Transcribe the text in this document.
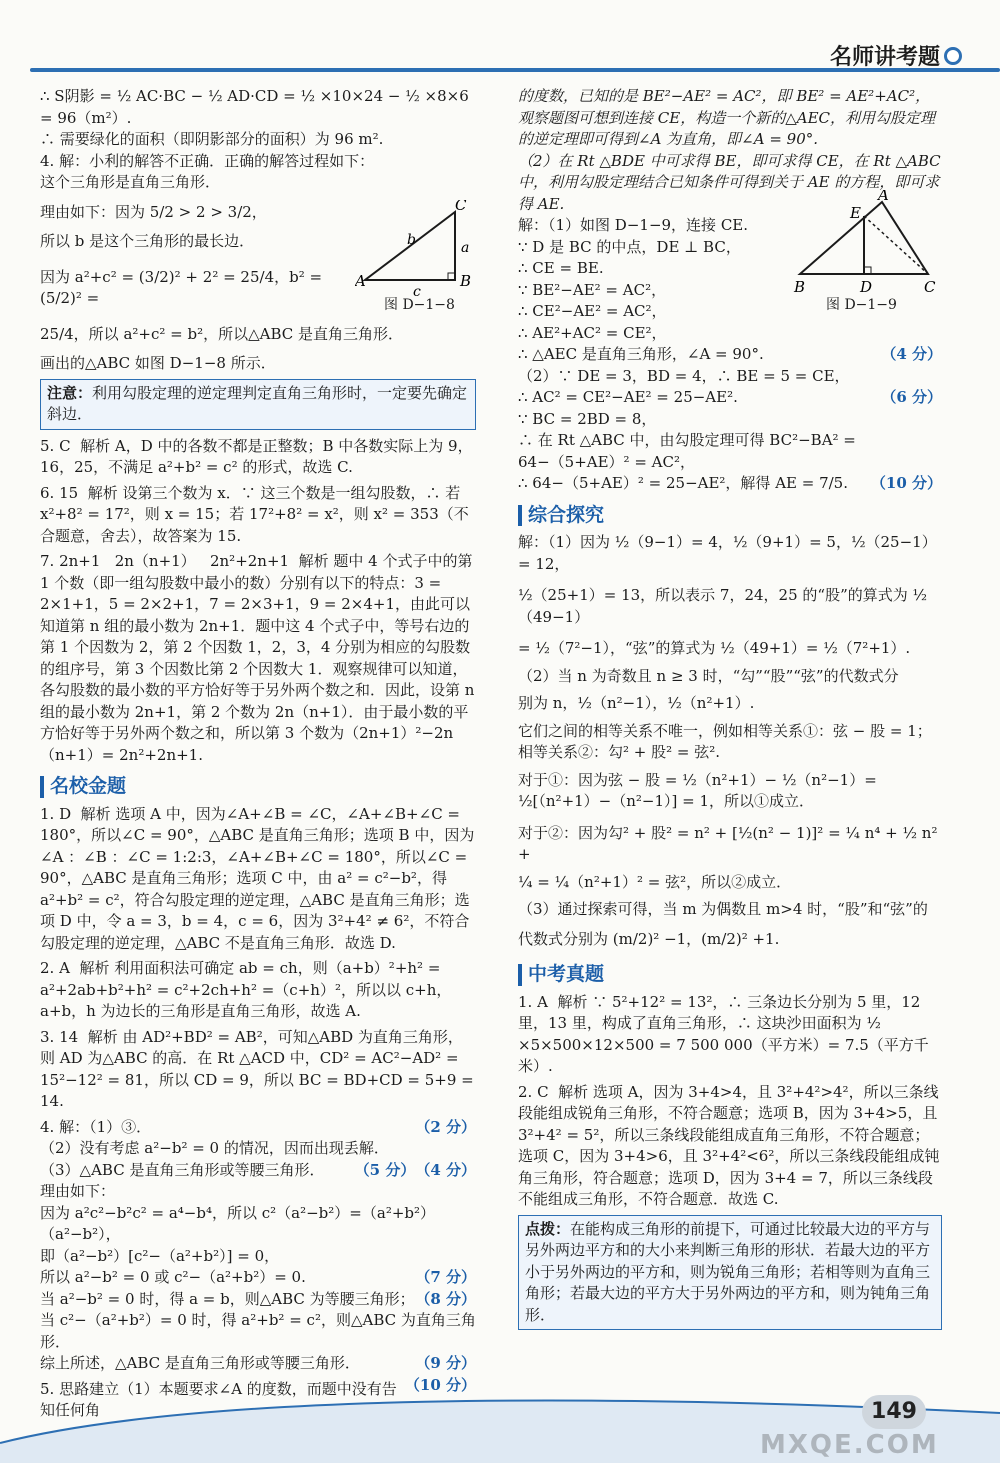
名师讲考题

∴ S阴影 = ½ AC·BC − ½ AD·CD = ½ ×10×24 − ½ ×8×6

= 96（m²）.

∴ 需要绿化的面积（即阴影部分的面积）为 96 m².

4. 解：小利的解答不正确．正确的解答过程如下：

这个三角形是直角三角形．

理由如下：因为 5/2 > 2 > 3/2，

所以 b 是这个三角形的最长边．

因为 a²+c² = (3/2)² + 2² = 25/4，b² = (5/2)² =

25/4，所以 a²+c² = b²，所以△ABC 是直角三角形．

画出的△ABC 如图 D−1−8 所示．

注意：利用勾股定理的逆定理判定直角三角形时，一定要先确定斜边．

5. C  解析 A，D 中的各数不都是正整数；B 中各数实际上为 9，16，25，不满足 a²+b² = c² 的形式，故选 C.

6. 15  解析 设第三个数为 x．∵ 这三个数是一组勾股数，∴ 若 x²+8² = 17²，则 x = 15；若 17²+8² = x²，则 x² = 353（不合题意，舍去），故答案为 15.

7. 2n+1   2n（n+1）   2n²+2n+1  解析 题中 4 个式子中的第 1 个数（即一组勾股数中最小的数）分别有以下的特点：3 = 2×1+1，5 = 2×2+1，7 = 2×3+1，9 = 2×4+1，由此可以知道第 n 组的最小数为 2n+1．题中这 4 个式子中，等号右边的第 1 个因数为 2，第 2 个因数 1，2，3，4 分别为相应的勾股数的组序号，第 3 个因数比第 2 个因数大 1．观察规律可以知道，各勾股数的最小数的平方恰好等于另外两个数之和．因此，设第 n 组的最小数为 2n+1，第 2 个数为 2n（n+1）．由于最小数的平方恰好等于另外两个数之和，所以第 3 个数为（2n+1）²−2n（n+1）= 2n²+2n+1.

名校金题

1. D  解析 选项 A 中，因为∠A+∠B = ∠C，∠A+∠B+∠C = 180°，所以∠C = 90°，△ABC 是直角三角形；选项 B 中，因为∠A ：∠B ：∠C = 1:2:3，∠A+∠B+∠C = 180°，所以∠C = 90°，△ABC 是直角三角形；选项 C 中，由 a² = c²−b²，得 a²+b² = c²，符合勾股定理的逆定理，△ABC 是直角三角形；选项 D 中，令 a = 3，b = 4，c = 6，因为 3²+4² ≠ 6²，不符合勾股定理的逆定理，△ABC 不是直角三角形．故选 D.

2. A  解析 利用面积法可确定 ab = ch，则（a+b）²+h² = a²+2ab+b²+h² = c²+2ch+h² =（c+h）²，所以以 c+h，a+b，h 为边长的三角形是直角三角形，故选 A.

3. 14  解析 由 AD²+BD² = AB²，可知△ABD 为直角三角形，则 AD 为△ABC 的高．在 Rt △ACD 中，CD² = AC²−AD² = 15²−12² = 81，所以 CD = 9，所以 BC = BD+CD = 5+9 = 14.

4. 解：（1）③．	（2 分）

（2）没有考虑 a²−b² = 0 的情况，因而出现丢解．

（4 分）

（3）△ABC 是直角三角形或等腰三角形． （5 分）

理由如下：

因为 a²c²−b²c² = a⁴−b⁴，所以 c²（a²−b²）=（a²+b²）（a²−b²），

即（a²−b²）[c²−（a²+b²）] = 0，

所以 a²−b² = 0 或 c²−（a²+b²）= 0.	（7 分）

当 a²−b² = 0 时，得 a = b，则△ABC 为等腰三角形； （8 分）

当 c²−（a²+b²）= 0 时，得 a²+b² = c²，则△ABC 为直角三角形．

（9 分）

综上所述，△ABC 是直角三角形或等腰三角形．
（10 分）

5. 思路建立（1）本题要求∠A 的度数，而题中没有告知任何角

A	B
C
a
b
c
图 D−1−8

的度数，已知的是 BE²−AE² = AC²，即 BE² = AE²+AC²，观察题图可想到连接 CE，构造一个新的△AEC，利用勾股定理的逆定理即可得到∠A 为直角，即∠A = 90°.

（2）在 Rt △BDE 中可求得 BE，即可求得 CE，在 Rt △ABC 中，利用勾股定理结合已知条件可得到关于 AE 的方程，即可求得 AE.

解：（1）如图 D−1−9，连接 CE.

∵ D 是 BC 的中点，DE ⊥ BC，

∴ CE = BE.

∵ BE²−AE² = AC²，

∴ CE²−AE² = AC²，

∴ AE²+AC² = CE²，

∴ △AEC 是直角三角形，∠A = 90°.	（4 分）

（2）∵ DE = 3，BD = 4，∴ BE = 5 = CE，

∴ AC² = CE²−AE² = 25−AE².	（6 分）

∵ BC = 2BD = 8，

∴ 在 Rt △ABC 中，由勾股定理可得 BC²−BA² = 64−（5+AE）² = AC²，

∴ 64−（5+AE）² = 25−AE²，解得 AE = 7/5. （10 分）

综合探究

解：（1）因为 ½（9−1）= 4，½（9+1）= 5，½（25−1）= 12，

½（25+1）= 13，所以表示 7，24，25 的“股”的算式为 ½（49−1）

= ½（7²−1），“弦”的算式为 ½（49+1）= ½（7²+1）.

（2）当 n 为奇数且 n ≥ 3 时，“勾”“股”“弦”的代数式分

别为 n，½（n²−1），½（n²+1）.

它们之间的相等关系不唯一，例如相等关系①：弦 − 股 = 1；相等关系②：勾² + 股² = 弦².

对于①：因为弦 − 股 = ½（n²+1）− ½（n²−1）= ½[（n²+1）−（n²−1）] = 1，所以①成立．

对于②：因为勾² + 股² = n² + [½(n² − 1)]² = ¼ n⁴ + ½ n² +

¼ = ¼（n²+1）² = 弦²，所以②成立．

（3）通过探索可得，当 m 为偶数且 m>4 时，“股”和“弦”的

代数式分别为 (m/2)² −1，(m/2)² +1.

中考真题

1. A  解析 ∵ 5²+12² = 13²，∴ 三条边长分别为 5 里，12 里，13 里，构成了直角三角形，∴ 这块沙田面积为 ½ ×5×500×12×500 = 7 500 000（平方米）= 7.5（平方千米）.

2. C  解析 选项 A，因为 3+4>4，且 3²+4²>4²，所以三条线段能组成锐角三角形，不符合题意；选项 B，因为 3+4>5，且 3²+4² = 5²，所以三条线段能组成直角三角形，不符合题意；选项 C，因为 3+4>6，且 3²+4²<6²，所以三条线段能组成钝角三角形，符合题意；选项 D，因为 3+4 = 7，所以三条线段不能组成三角形，不符合题意．故选 C.

点拨：在能构成三角形的前提下，可通过比较最大边的平方与另外两边平方和的大小来判断三角形的形状．若最大边的平方小于另外两边的平方和，则为锐角三角形；若相等则为直角三角形；若最大边的平方大于另外两边的平方和，则为钝角三角形．
A
B	C
D
E
图 D−1−9
149
MXQE.COM
